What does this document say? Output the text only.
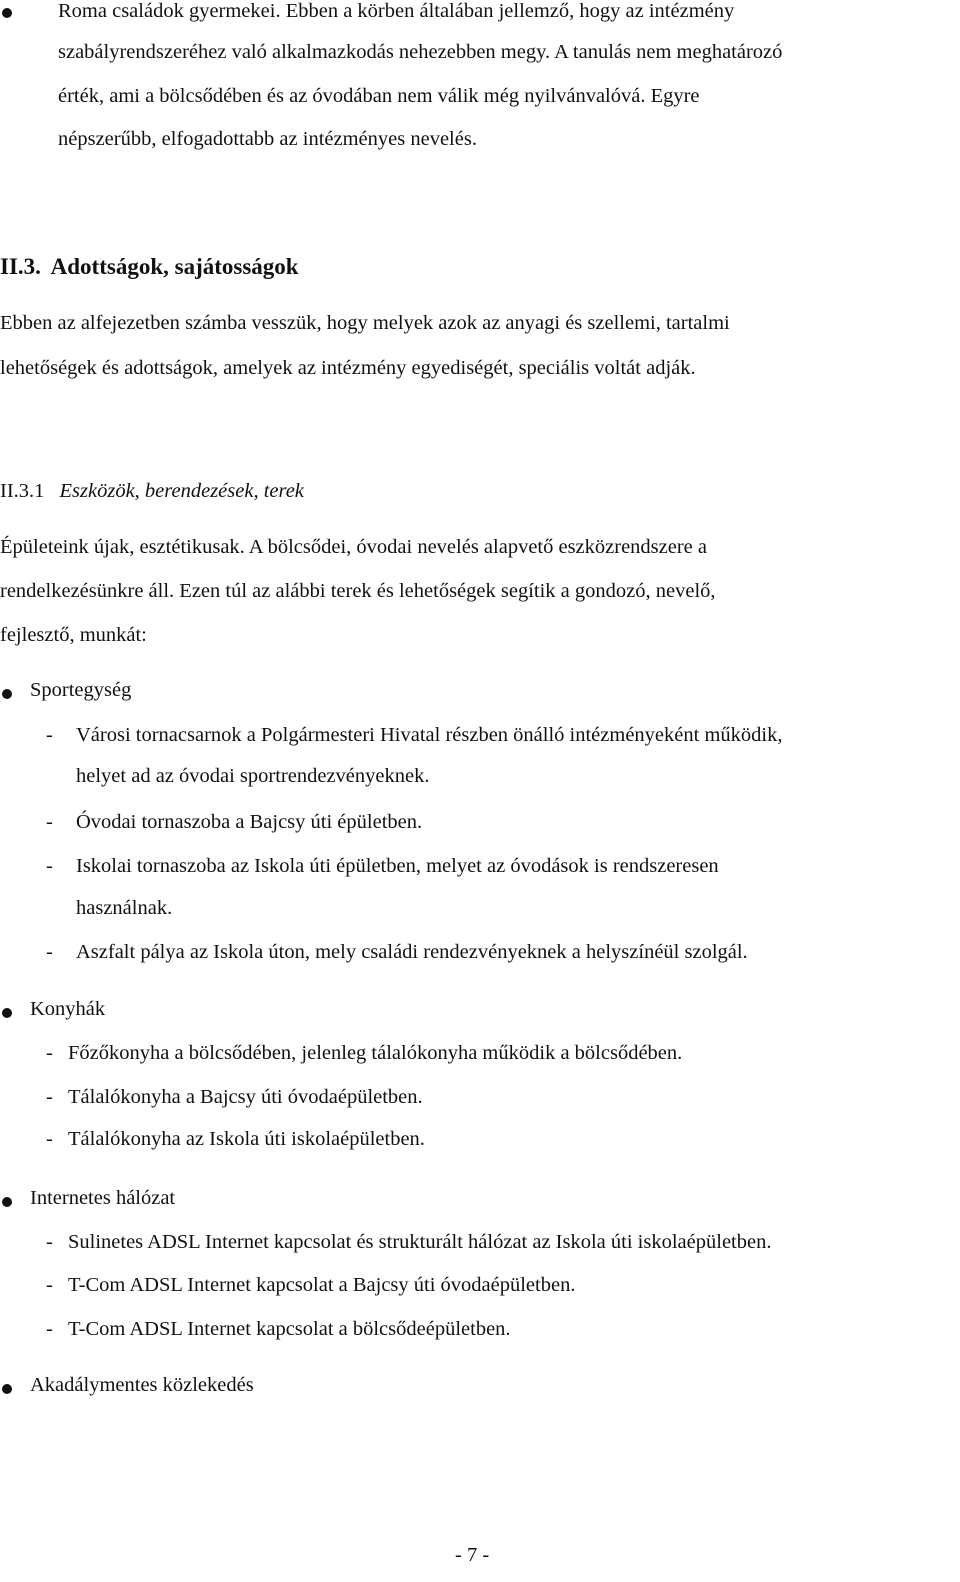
Roma családok gyermekei. Ebben a körben általában jellemző, hogy az intézmény
szabályrendszeréhez való alkalmazkodás nehezebben megy. A tanulás nem meghatározó
érték, ami a bölcsődében és az óvodában nem válik még nyilvánvalóvá. Egyre
népszerűbb, elfogadottabb az intézményes nevelés.
II.3. Adottságok, sajátosságok
Ebben az alfejezetben számba vesszük, hogy melyek azok az anyagi és szellemi, tartalmi
lehetőségek és adottságok, amelyek az intézmény egyediségét, speciális voltát adják.
II.3.1 Eszközök, berendezések, terek
Épületeink újak, esztétikusak. A bölcsődei, óvodai nevelés alapvető eszközrendszere a
rendelkezésünkre áll. Ezen túl az alábbi terek és lehetőségek segítik a gondozó, nevelő,
fejlesztő, munkát:
Sportegység
- Városi tornacsarnok a Polgármesteri Hivatal részben önálló intézményeként működik,
helyet ad az óvodai sportrendezvényeknek.
- Óvodai tornaszoba a Bajcsy úti épületben.
- Iskolai tornaszoba az Iskola úti épületben, melyet az óvodások is rendszeresen
használnak.
- Aszfalt pálya az Iskola úton, mely családi rendezvényeknek a helyszínéül szolgál.
Konyhák
- Főzőkonyha a bölcsődében, jelenleg tálalókonyha működik a bölcsődében.
- Tálalókonyha a Bajcsy úti óvodaépületben.
- Tálalókonyha az Iskola úti iskolaépületben.
Internetes hálózat
- Sulinetes ADSL Internet kapcsolat és strukturált hálózat az Iskola úti iskolaépületben.
- T-Com ADSL Internet kapcsolat a Bajcsy úti óvodaépületben.
- T-Com ADSL Internet kapcsolat a bölcsődeépületben.
Akadálymentes közlekedés
- 7 -
